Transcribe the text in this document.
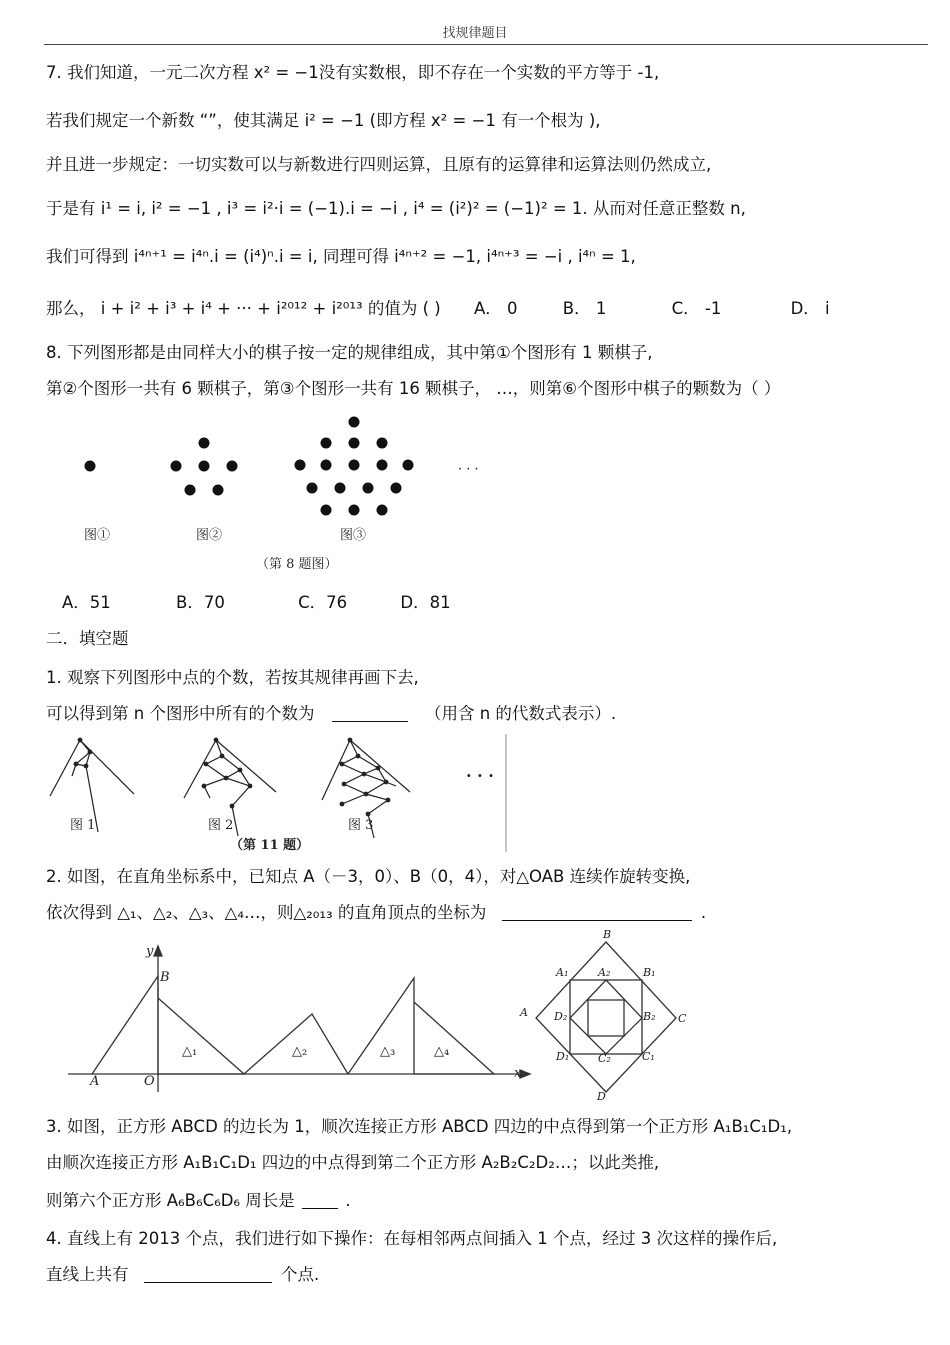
找规律题目
7. 我们知道，一元二次方程 x² = −1没有实数根，即不存在一个实数的平方等于 -1,
若我们规定一个新数 “”，使其满足 i² = −1 (即方程 x² = −1 有一个根为 ),
并且进一步规定：一切实数可以与新数进行四则运算，且原有的运算律和运算法则仍然成立,
于是有 i¹ = i, i² = −1 , i³ = i²·i = (−1).i = −i , i⁴ = (i²)² = (−1)² = 1. 从而对任意正整数 n,
我们可得到 i⁴ⁿ⁺¹ = i⁴ⁿ.i = (i⁴)ⁿ.i = i, 同理可得 i⁴ⁿ⁺² = −1, i⁴ⁿ⁺³ = −i , i⁴ⁿ = 1,
那么， i + i² + i³ + i⁴ + ··· + i²⁰¹² + i²⁰¹³ 的值为 ( ) A． 0	B． 1	C． -1	D． i
8. 下列图形都是由同样大小的棋子按一定的规律组成，其中第①个图形有 1 颗棋子,
第②个图形一共有 6 颗棋子，第③个图形一共有 16 颗棋子， …，则第⑥个图形中棋子的颗数为（ ）
· · ·
图①	图②	图③
（第 8 题图）
A．51	B．70	C．76	D．81
二．填空题
1. 观察下列图形中点的个数，若按其规律再画下去,
可以得到第 n 个图形中所有的个数为	（用含 n 的代数式表示）.
· · ·
图 1	图 2	图 3
（第 11 题）
2. 如图，在直角坐标系中，已知点 A（－3，0）、B（0，4），对△OAB 连续作旋转变换,
依次得到 △₁、△₂、△₃、△₄…，则△₂₀₁₃ 的直角顶点的坐标为	.
y
x
B
A	O
△₁	△₂	△₃	△₄
B
A	C
D
A₁	B₁
C₁
D₁
A₂
B₂
C₂
D₂
3. 如图，正方形 ABCD 的边长为 1，顺次连接正方形 ABCD 四边的中点得到第一个正方形 A₁B₁C₁D₁,
由顺次连接正方形 A₁B₁C₁D₁ 四边的中点得到第二个正方形 A₂B₂C₂D₂…；以此类推,
则第六个正方形 A₆B₆C₆D₆ 周长是	.
4. 直线上有 2013 个点，我们进行如下操作：在每相邻两点间插入 1 个点，经过 3 次这样的操作后,
直线上共有	个点.
